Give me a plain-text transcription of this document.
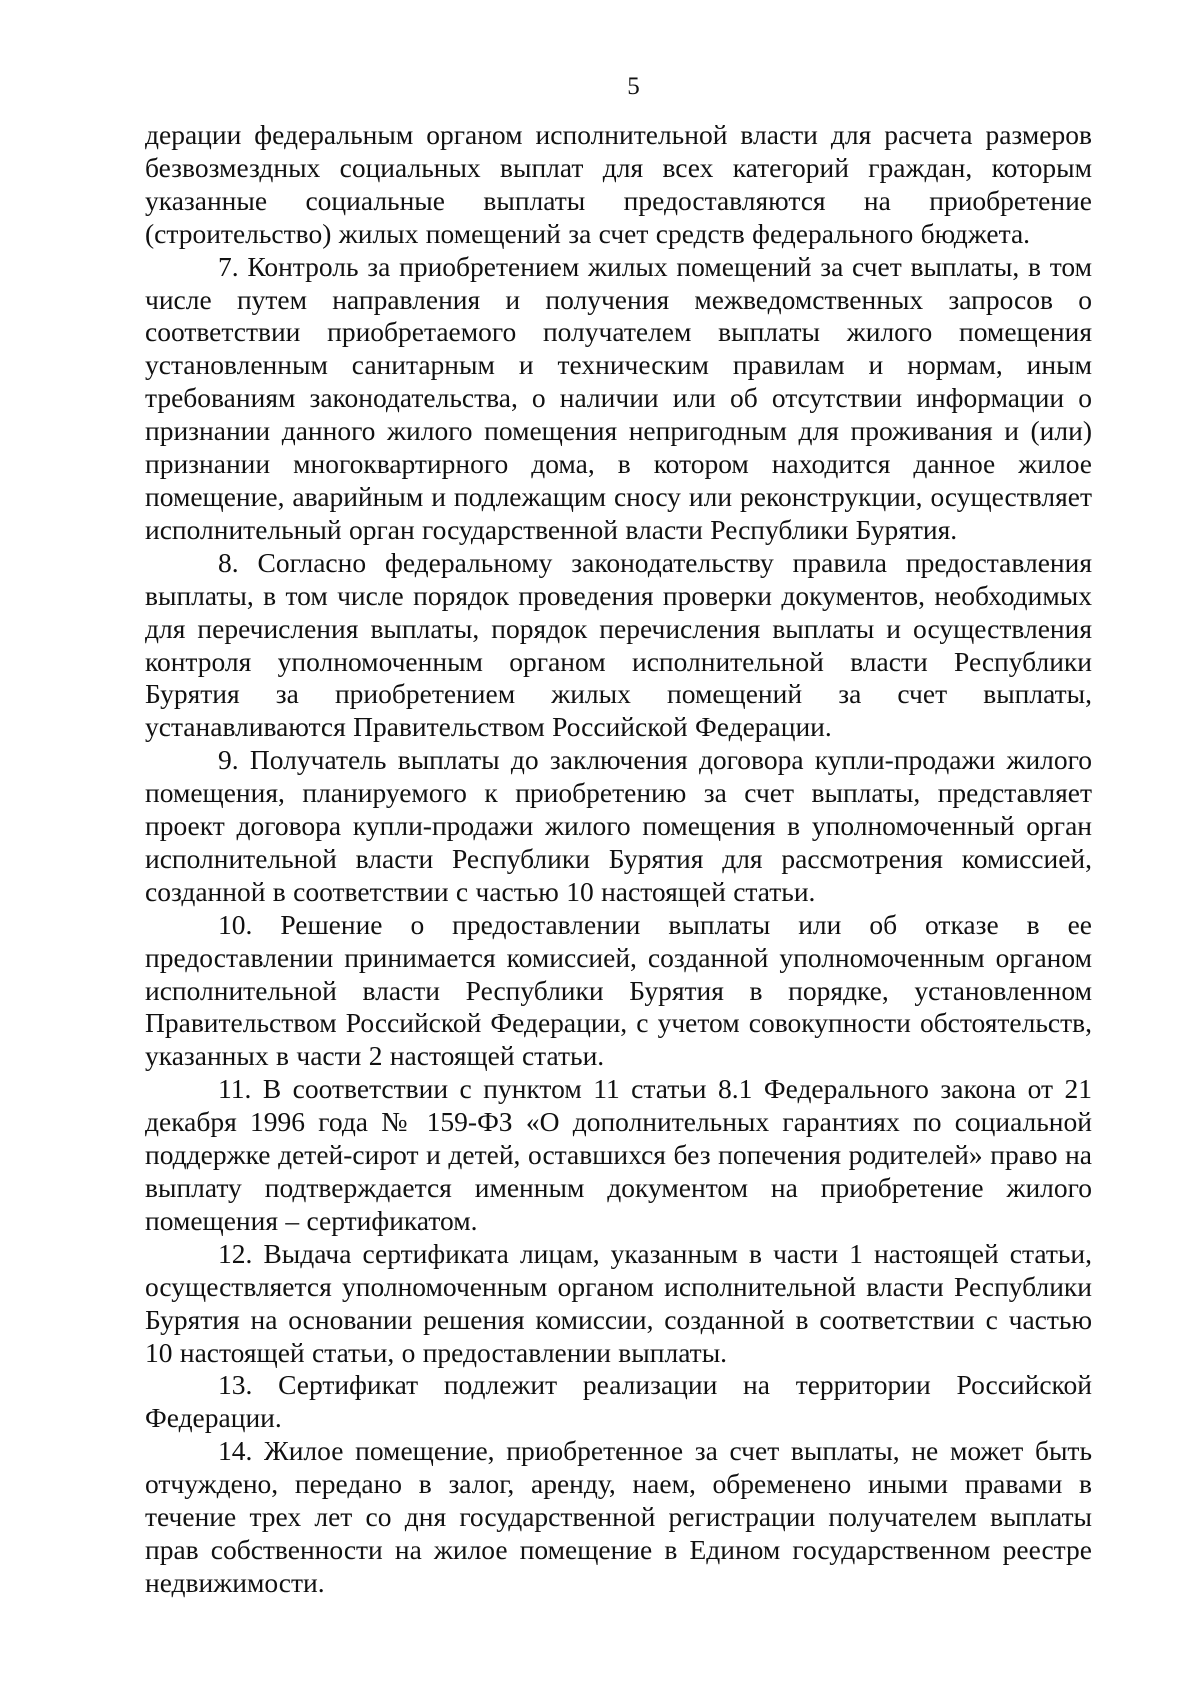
5

дерации федеральным органом исполнительной власти для расчета размеров безвозмездных социальных выплат для всех категорий граждан, которым указанные социальные выплаты предоставляются на приобретение (строительство) жилых помещений за счет средств федерального бюджета.

7. Контроль за приобретением жилых помещений за счет выплаты, в том числе путем направления и получения межведомственных запросов о соответствии приобретаемого получателем выплаты жилого помещения установленным санитарным и техническим правилам и нормам, иным требованиям законодательства, о наличии или об отсутствии информации о признании данного жилого помещения непригодным для проживания и (или) признании многоквартирного дома, в котором находится данное жилое помещение, аварийным и подлежащим сносу или реконструкции, осуществляет исполнительный орган государственной власти Республики Бурятия.

8. Согласно федеральному законодательству правила предоставления выплаты, в том числе порядок проведения проверки документов, необходимых для перечисления выплаты, порядок перечисления выплаты и осуществления контроля уполномоченным органом исполнительной власти Республики Бурятия за приобретением жилых помещений за счет выплаты, устанавливаются Правительством Российской Федерации.

9. Получатель выплаты до заключения договора купли-продажи жилого помещения, планируемого к приобретению за счет выплаты, представляет проект договора купли-продажи жилого помещения в уполномоченный орган исполнительной власти Республики Бурятия для рассмотрения комиссией, созданной в соответствии с частью 10 настоящей статьи.

10. Решение о предоставлении выплаты или об отказе в ее предоставлении принимается комиссией, созданной уполномоченным органом исполнительной власти Республики Бурятия в порядке, установленном Правительством Российской Федерации, с учетом совокупности обстоятельств, указанных в части 2 настоящей статьи.

11. В соответствии с пунктом 11 статьи 8.1 Федерального закона от 21 декабря 1996 года № 159-ФЗ «О дополнительных гарантиях по социальной поддержке детей-сирот и детей, оставшихся без попечения родителей» право на выплату подтверждается именным документом на приобретение жилого помещения – сертификатом.

12. Выдача сертификата лицам, указанным в части 1 настоящей статьи, осуществляется уполномоченным органом исполнительной власти Республики Бурятия на основании решения комиссии, созданной в соответствии с частью 10 настоящей статьи, о предоставлении выплаты.

13. Сертификат подлежит реализации на территории Российской Федерации.

14. Жилое помещение, приобретенное за счет выплаты, не может быть отчуждено, передано в залог, аренду, наем, обременено иными правами в течение трех лет со дня государственной регистрации получателем выплаты прав собственности на жилое помещение в Едином государственном реестре недвижимости.
